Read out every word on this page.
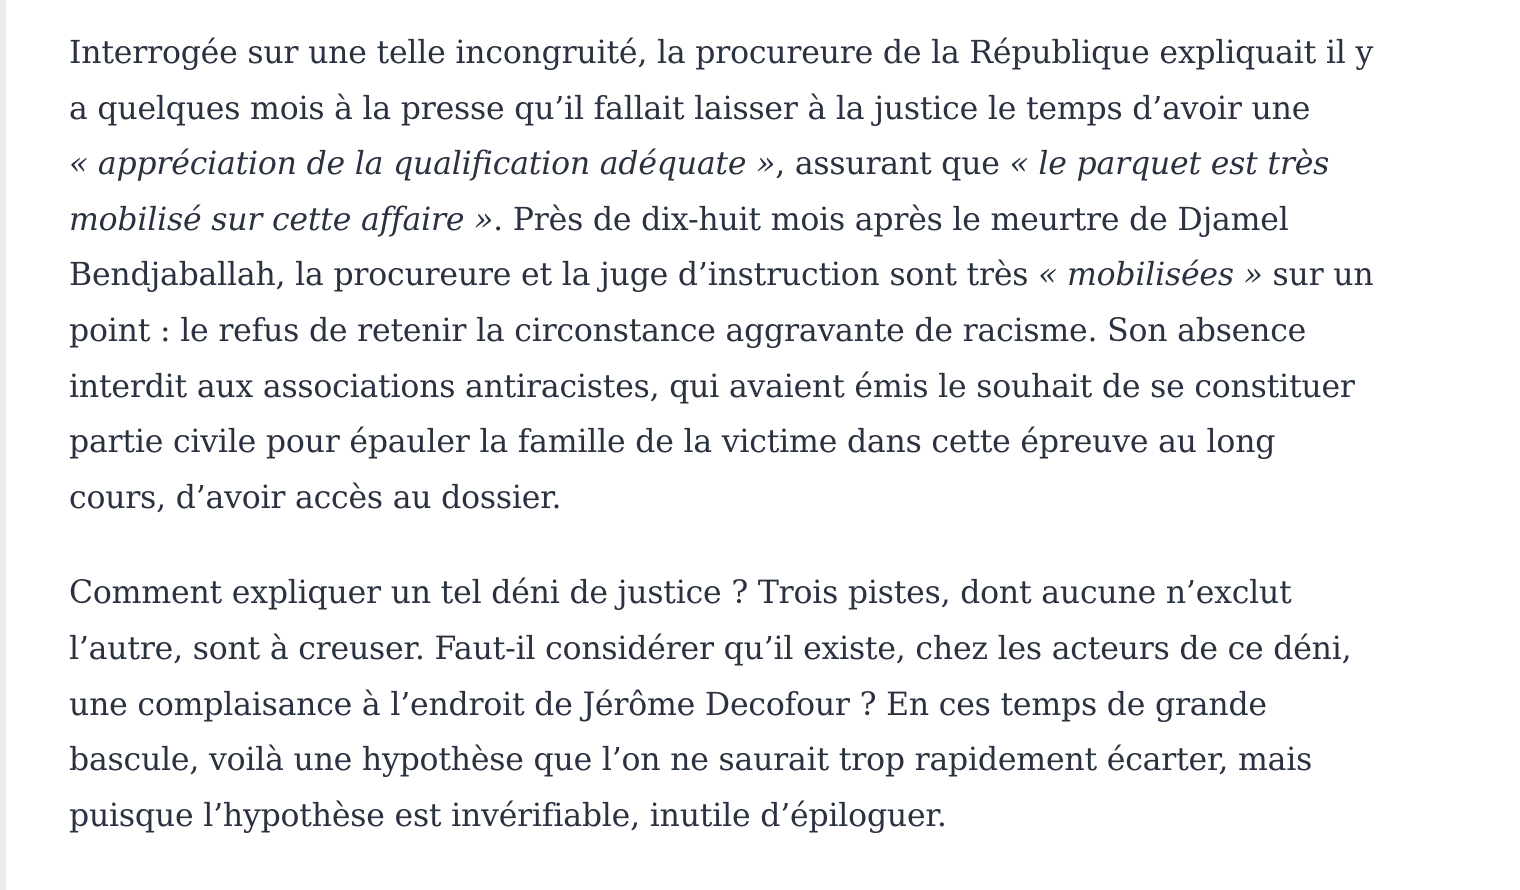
Interrogée sur une telle incongruité, la procureure de la République expliquait il y
a quelques mois à la presse qu’il fallait laisser à la justice le temps d’avoir une
« appréciation de la qualification adéquate », assurant que « le parquet est très
mobilisé sur cette affaire ». Près de dix-huit mois après le meurtre de Djamel
Bendjaballah, la procureure et la juge d’instruction sont très « mobilisées » sur un
point : le refus de retenir la circonstance aggravante de racisme. Son absence
interdit aux associations antiracistes, qui avaient émis le souhait de se constituer
partie civile pour épauler la famille de la victime dans cette épreuve au long
cours, d’avoir accès au dossier.

Comment expliquer un tel déni de justice ? Trois pistes, dont aucune n’exclut
l’autre, sont à creuser. Faut-il considérer qu’il existe, chez les acteurs de ce déni,
une complaisance à l’endroit de Jérôme Decofour ? En ces temps de grande
bascule, voilà une hypothèse que l’on ne saurait trop rapidement écarter, mais
puisque l’hypothèse est invérifiable, inutile d’épiloguer.
